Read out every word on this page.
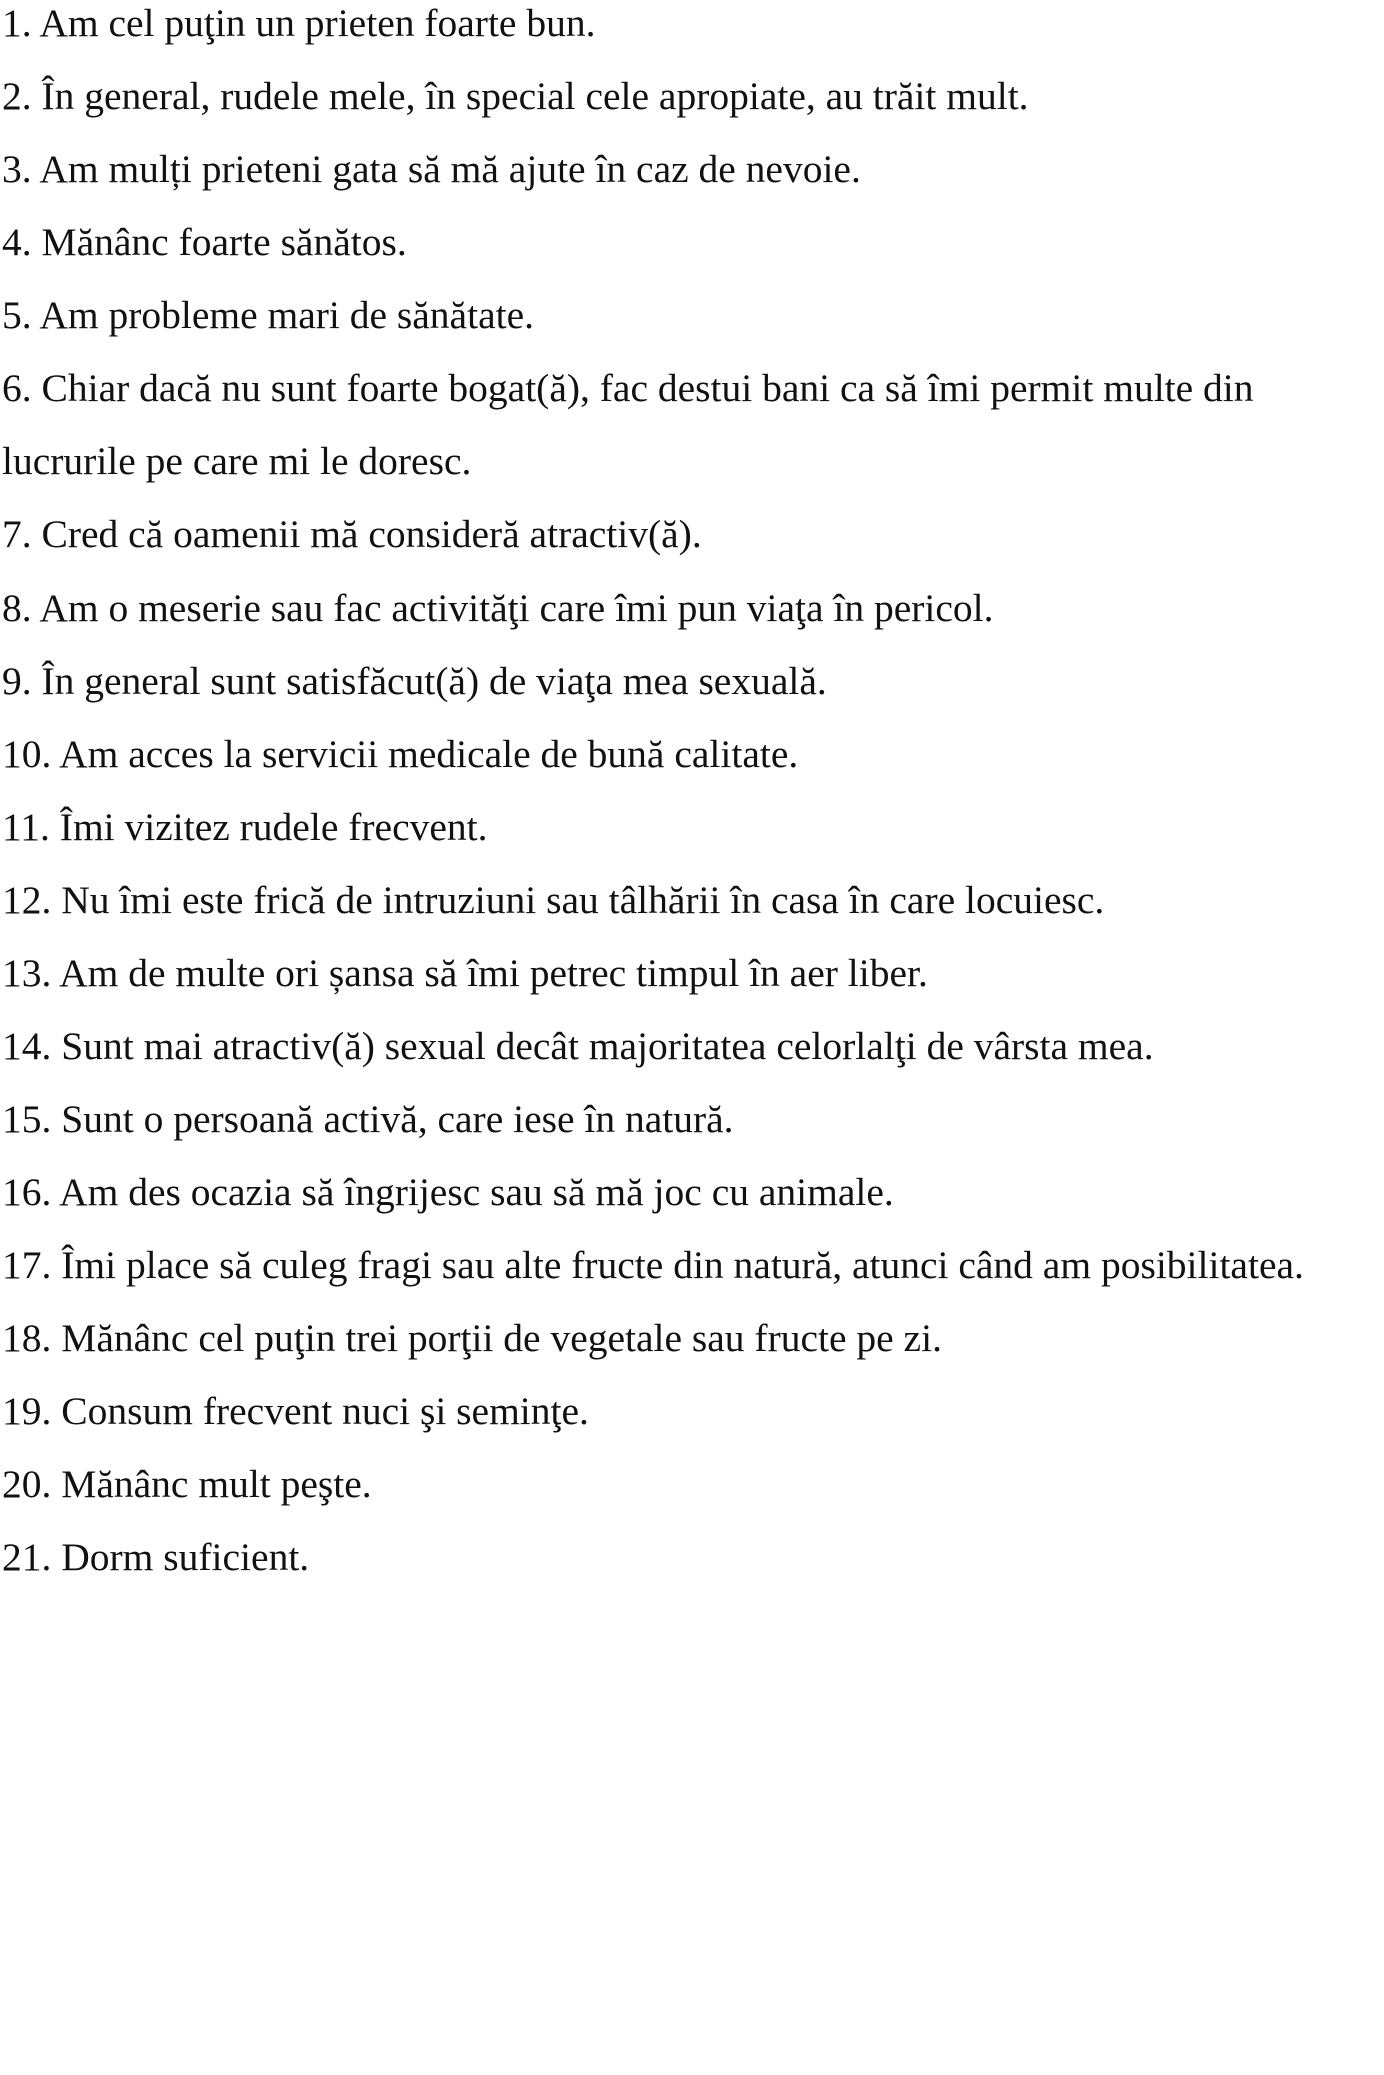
1. Am cel puţin un prieten foarte bun.
2. În general, rudele mele, în special cele apropiate, au trăit mult.
3. Am mulți prieteni gata să mă ajute în caz de nevoie.
4. Mănânc foarte sănătos.
5. Am probleme mari de sănătate.
6. Chiar dacă nu sunt foarte bogat(ă), fac destui bani ca să îmi permit multe din
lucrurile pe care mi le doresc.
7. Cred că oamenii mă consideră atractiv(ă).
8. Am o meserie sau fac activităţi care îmi pun viaţa în pericol.
9. În general sunt satisfăcut(ă) de viaţa mea sexuală.
10. Am acces la servicii medicale de bună calitate.
11. Îmi vizitez rudele frecvent.
12. Nu îmi este frică de intruziuni sau tâlhării în casa în care locuiesc.
13. Am de multe ori șansa să îmi petrec timpul în aer liber.
14. Sunt mai atractiv(ă) sexual decât majoritatea celorlalţi de vârsta mea.
15. Sunt o persoană activă, care iese în natură.
16. Am des ocazia să îngrijesc sau să mă joc cu animale.
17. Îmi place să culeg fragi sau alte fructe din natură, atunci când am posibilitatea.
18. Mănânc cel puţin trei porţii de vegetale sau fructe pe zi.
19. Consum frecvent nuci şi seminţe.
20. Mănânc mult peşte.
21. Dorm suficient.
